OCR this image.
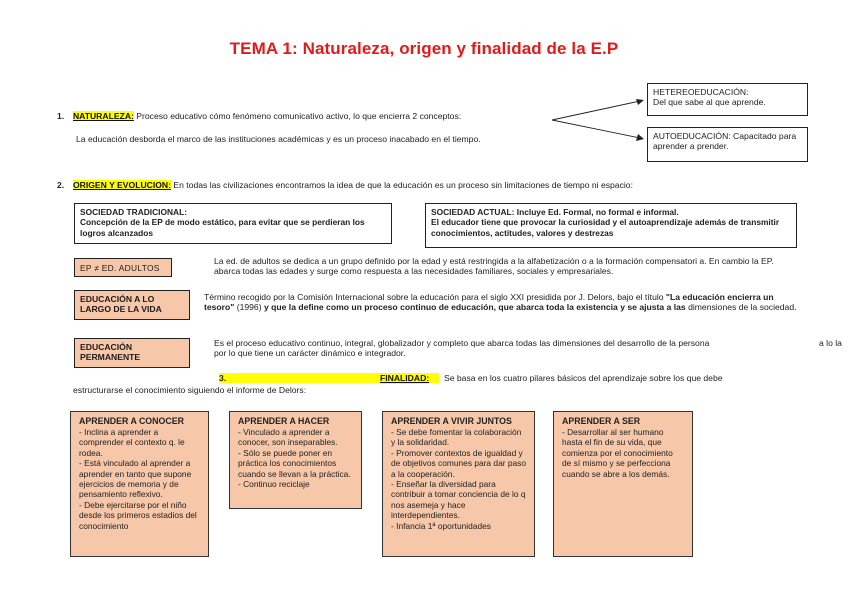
TEMA 1: Naturaleza, origen y finalidad de la E.P
1. NATURALEZA: Proceso educativo cómo fenómeno comunicativo activo, lo que encierra 2 conceptos:
La educación desborda el marco de las instituciones académicas y es un proceso inacabado en el tiempo.
HETEREOEDUCACIÓN:
Del que sabe al que aprende.
AUTOEDUCACIÓN: Capacitado para aprender a prender.
2. ORIGEN Y EVOLUCION: En todas las civilizaciones encontramos la idea de que la educación es un proceso sin limitaciones de tiempo ni espacio:
SOCIEDAD TRADICIONAL:
Concepción de la EP de modo estático, para evitar que se perdieran los logros alcanzados
SOCIEDAD ACTUAL: Incluye Ed. Formal, no formal e informal.
El educador tiene que provocar la curiosidad y el autoaprendizaje además de transmitir conocimientos, actitudes, valores y destrezas
EP ≠ ED. ADULTOS
La ed. de adultos se dedica a un grupo definido por la edad y está restringida a la alfabetización o a la formación compensatori a. En cambio la EP. abarca todas las edades y surge como respuesta a las necesidades familiares, sociales y empresariales.
EDUCACIÓN A LO LARGO DE LA VIDA
Término recogido por la Comisión Internacional sobre la educación para el siglo XXI presidida por J. Delors, bajo el título "La educación encierra un tesoro" (1996) y que la define como un proceso continuo de educación, que abarca toda la existencia y se ajusta a las dimensiones de la sociedad.
EDUCACIÓN PERMANENTE
Es el proceso educativo continuo, integral, globalizador y completo que abarca todas las dimensiones del desarrollo de la persona
por lo que tiene un carácter dinámico e integrador.
a lo la
3.	FINALIDAD: Se basa en los cuatro pilares básicos del aprendizaje sobre los que debe
estructurarse el conocimiento siguiendo el informe de Delors:
APRENDER A CONOCER
- Inclina a aprender a comprender el contexto q. le rodea.
- Está vinculado al aprender a aprender en tanto que supone ejercicios de memoria y de pensamiento reflexivo.
- Debe ejercitarse por el niño desde los primeros estadios del conocimiento
APRENDER A HACER
- Vinculado a aprender a conocer, son inseparables.
- Sólo se puede poner en práctica los conocimientos cuando se llevan a la práctica.
- Continuo reciclaje
APRENDER A VIVIR JUNTOS
- Se debe fomentar la colaboración y la solidaridad.
- Promover contextos de igualdad y de objetivos comunes para dar paso a la cooperación.
- Enseñar la diversidad para contribuir a tomar conciencia de lo q nos asemeja y hace interdependientes.
- Infancia 1ª oportunidades
APRENDER A SER
- Desarrollar al ser humano hasta el fin de su vida, que comienza por el conocimiento de sí mismo y se perfecciona cuando se abre a los demás.
